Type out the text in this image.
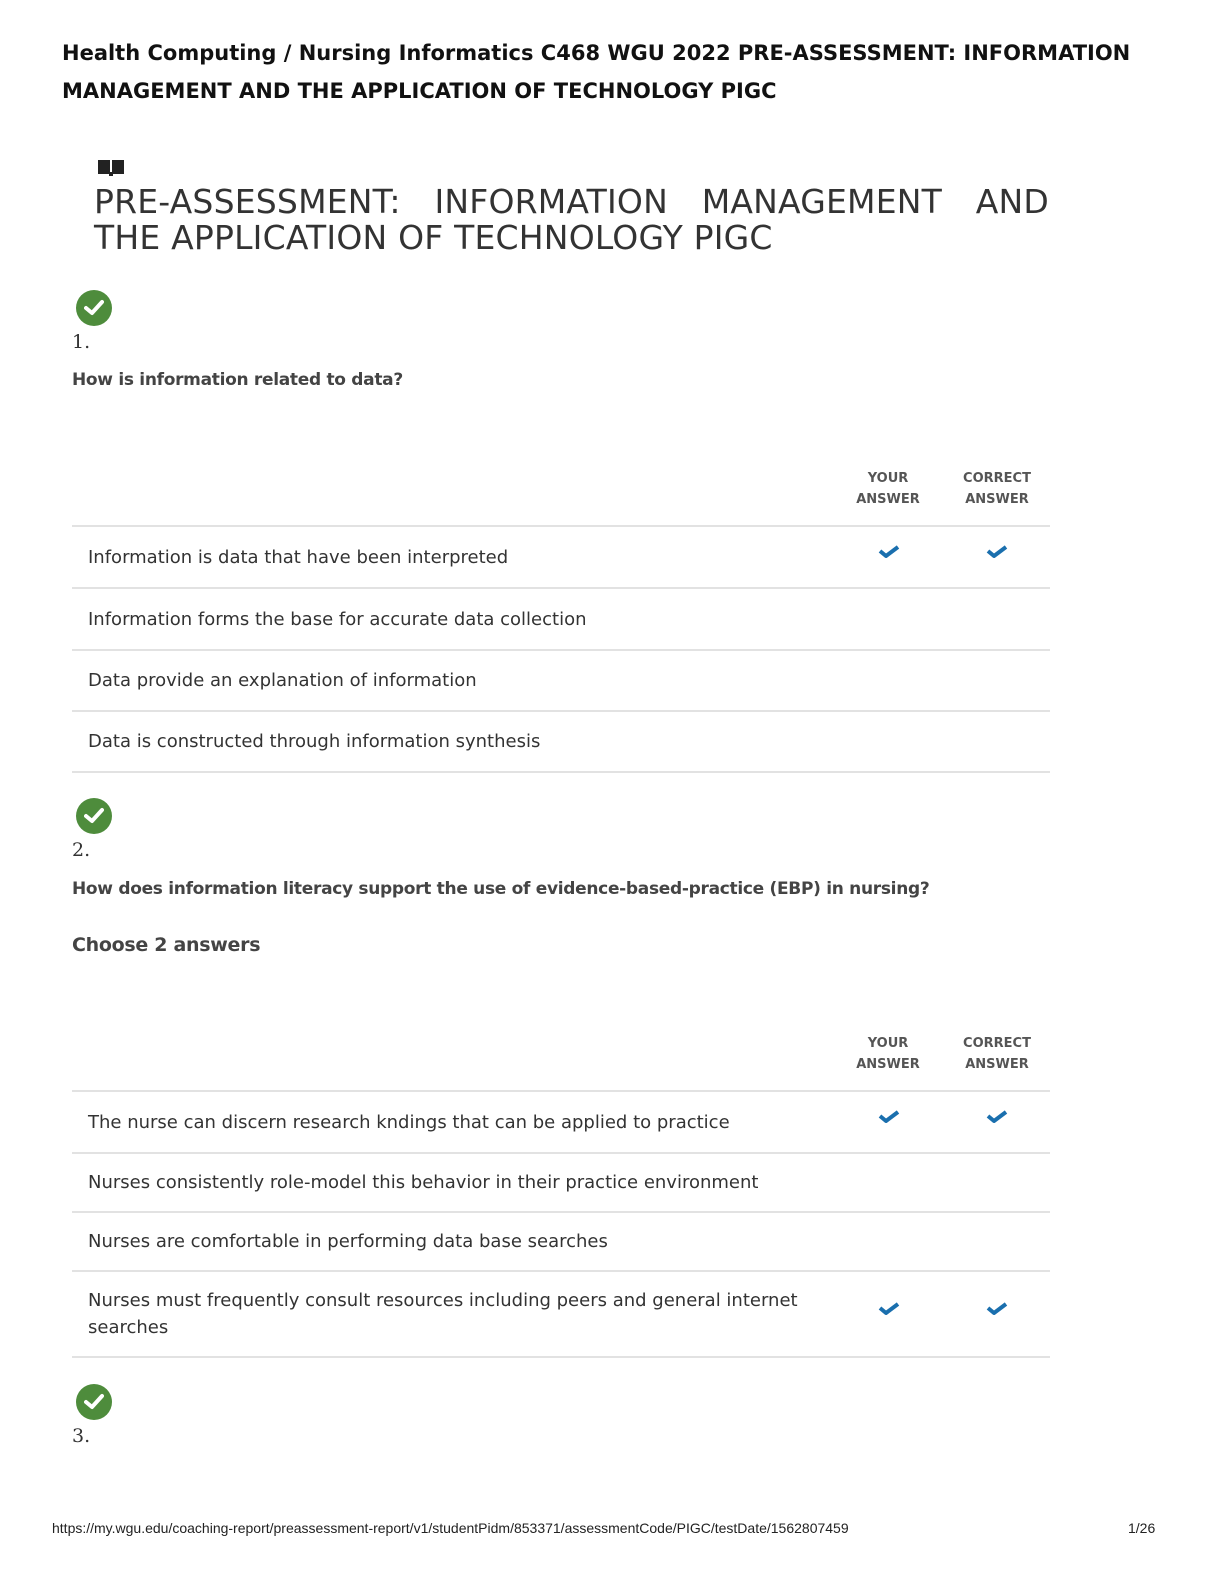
Health Computing / Nursing Informatics C468 WGU 2022 PRE-ASSESSMENT: INFORMATION MANAGEMENT AND THE APPLICATION OF TECHNOLOGY PIGC
PRE-ASSESSMENT: INFORMATION MANAGEMENT AND THE APPLICATION OF TECHNOLOGY PIGC
1.
How is information related to data?
YOUR
ANSWER
CORRECT
ANSWER
Information is data that have been interpreted
Information forms the base for accurate data collection
Data provide an explanation of information
Data is constructed through information synthesis
2.
How does information literacy support the use of evidence-based-practice (EBP) in nursing?
Choose 2 answers
YOUR
ANSWER
CORRECT
ANSWER
The nurse can discern research kndings that can be applied to practice
Nurses consistently role-model this behavior in their practice environment
Nurses are comfortable in performing data base searches
Nurses must frequently consult resources including peers and general internet searches
3.
https://my.wgu.edu/coaching-report/preassessment-report/v1/studentPidm/853371/assessmentCode/PIGC/testDate/1562807459	1/26
